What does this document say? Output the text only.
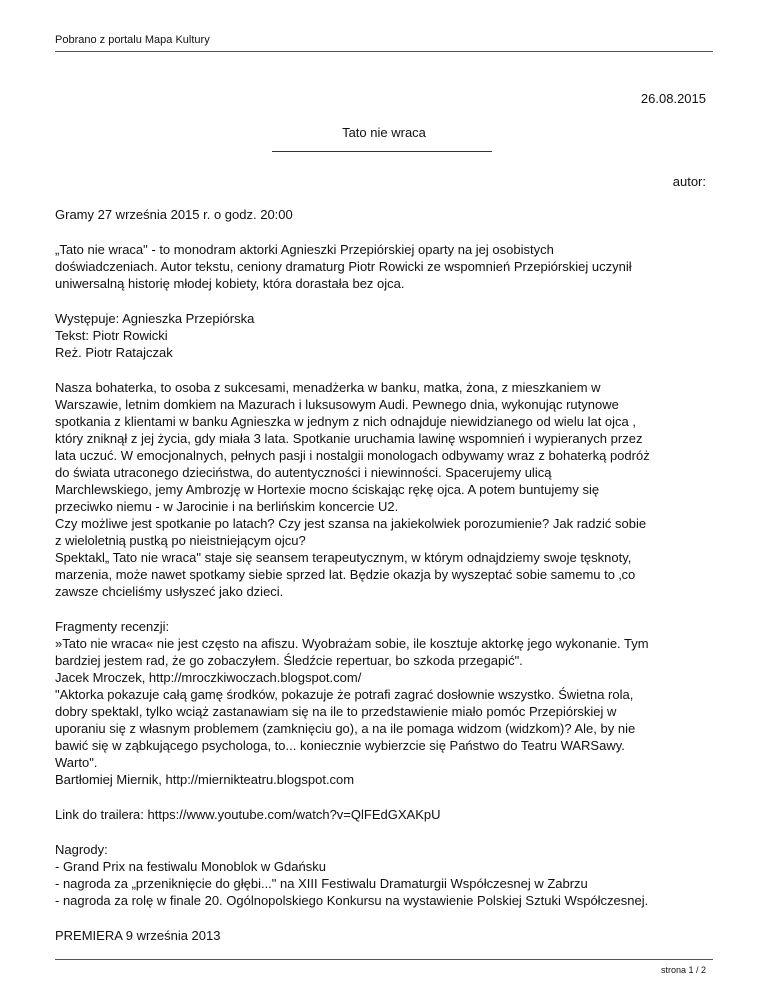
Pobrano z portalu Mapa Kultury
26.08.2015
Tato nie wraca
autor:

Gramy 27 września 2015 r. o godz. 20:00

„Tato nie wraca" - to monodram aktorki Agnieszki Przepiórskiej oparty na jej osobistych
doświadczeniach. Autor tekstu, ceniony dramaturg Piotr Rowicki ze wspomnień Przepiórskiej uczynił
uniwersalną historię młodej kobiety, która dorastała bez ojca.

Występuje: Agnieszka Przepiórska
Tekst: Piotr Rowicki
Reż. Piotr Ratajczak

Nasza bohaterka, to osoba z sukcesami, menadżerka w banku, matka, żona, z mieszkaniem w
Warszawie, letnim domkiem na Mazurach i luksusowym Audi. Pewnego dnia, wykonując rutynowe
spotkania z klientami w banku Agnieszka w jednym z nich odnajduje niewidzianego od wielu lat ojca ,
który zniknął z jej życia, gdy miała 3 lata. Spotkanie uruchamia lawinę wspomnień i wypieranych przez
lata uczuć. W emocjonalnych, pełnych pasji i nostalgii monologach odbywamy wraz z bohaterką podróż
do świata utraconego dzieciństwa, do autentyczności i niewinności. Spacerujemy ulicą
Marchlewskiego, jemy Ambrozję w Hortexie mocno ściskając rękę ojca. A potem buntujemy się
przeciwko niemu - w Jarocinie i na berlińskim koncercie U2.
Czy możliwe jest spotkanie po latach? Czy jest szansa na jakiekolwiek porozumienie? Jak radzić sobie
z wieloletnią pustką po nieistniejącym ojcu?
Spektakl„ Tato nie wraca" staje się seansem terapeutycznym, w którym odnajdziemy swoje tęsknoty,
marzenia, może nawet spotkamy siebie sprzed lat. Będzie okazja by wyszeptać sobie samemu to ‚co
zawsze chcieliśmy usłyszeć jako dzieci.

Fragmenty recenzji:
»Tato nie wraca« nie jest często na afiszu. Wyobrażam sobie, ile kosztuje aktorkę jego wykonanie. Tym
bardziej jestem rad, że go zobaczyłem. Śledźcie repertuar, bo szkoda przegapić".
Jacek Mroczek, http://mroczkiwoczach.blogspot.com/
"Aktorka pokazuje całą gamę środków, pokazuje że potrafi zagrać dosłownie wszystko. Świetna rola,
dobry spektakl, tylko wciąż zastanawiam się na ile to przedstawienie miało pomóc Przepiórskiej w
uporaniu się z własnym problemem (zamknięciu go), a na ile pomaga widzom (widzkom)? Ale, by nie
bawić się w ząbkującego psychologa, to... koniecznie wybierzcie się Państwo do Teatru WARSawy.
Warto".
Bartłomiej Miernik, http://miernikteatru.blogspot.com

Link do trailera: https://www.youtube.com/watch?v=QlFEdGXAKpU

Nagrody:
- Grand Prix na festiwalu Monoblok w Gdańsku
- nagroda za „przeniknięcie do głębi..." na XIII Festiwalu Dramaturgii Współczesnej w Zabrzu
- nagroda za rolę w finale 20. Ogólnopolskiego Konkursu na wystawienie Polskiej Sztuki Współczesnej.

PREMIERA 9 września 2013

strona 1 / 2
